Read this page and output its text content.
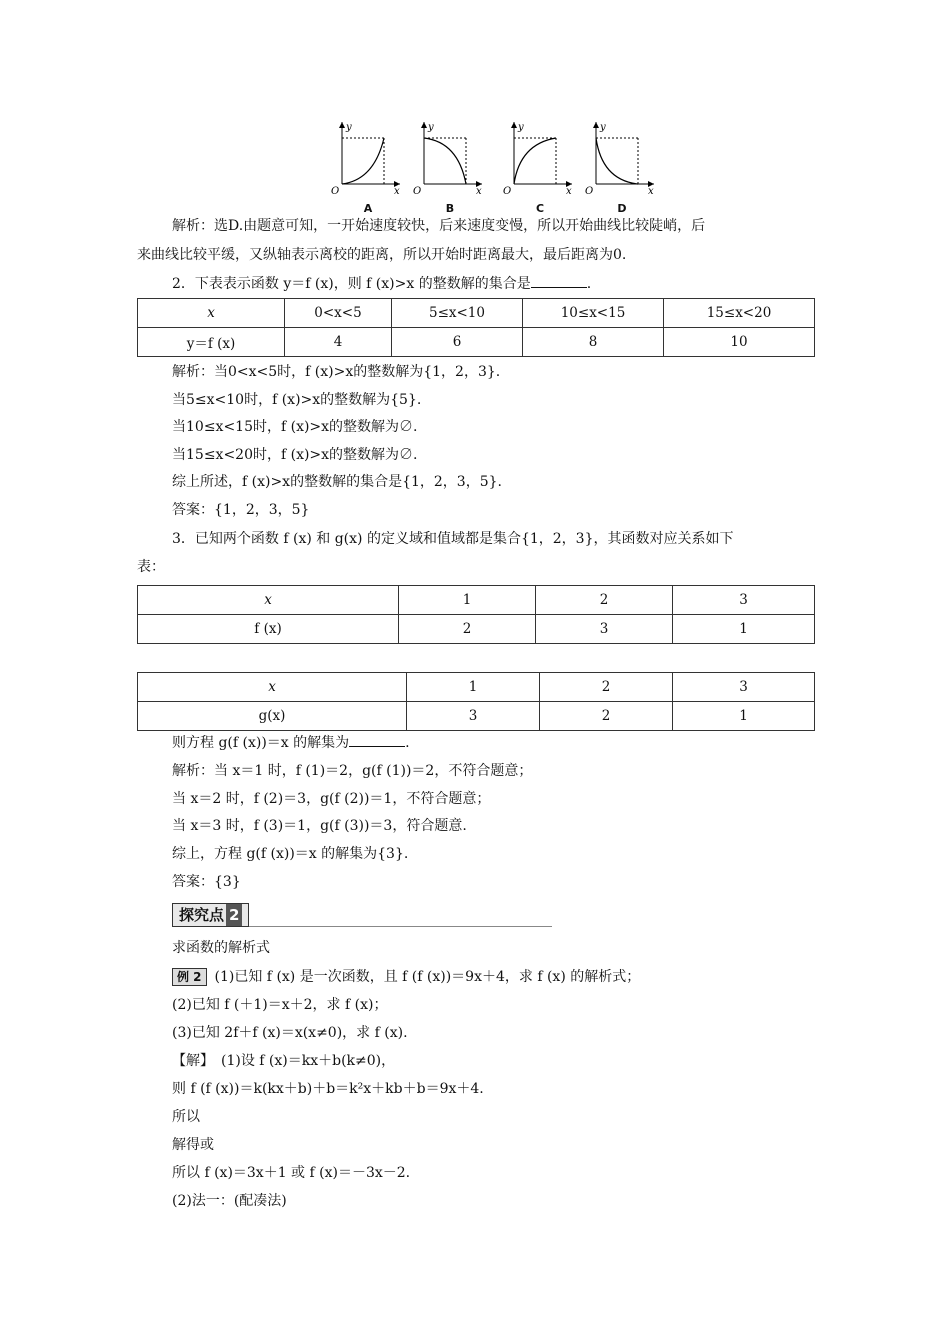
y
x
O
A
y
x
O
B
y
x
O
C
y
x
O
D
解析：选D.由题意可知，一开始速度较快，后来速度变慢，所以开始曲线比较陡峭，后
来曲线比较平缓，又纵轴表示离校的距离，所以开始时距离最大，最后距离为0.
2．下表表示函数 y＝f (x)，则 f (x)>x 的整数解的集合是	.
x	0<x<5	5≤x<10	10≤x<15	15≤x<20
y＝f (x)	4	6	8	10
解析：当0<x<5时，f (x)>x的整数解为{1，2，3}.
当5≤x<10时，f (x)>x的整数解为{5}.
当10≤x<15时，f (x)>x的整数解为∅.
当15≤x<20时，f (x)>x的整数解为∅.
综上所述，f (x)>x的整数解的集合是{1，2，3，5}.
答案：{1，2，3，5}
3．已知两个函数 f (x) 和 g(x) 的定义域和值域都是集合{1，2，3}，其函数对应关系如下
表：
x	1	2	3
f (x)	2	3	1
x	1	2	3
g(x)	3	2	1
则方程 g(f (x))＝x 的解集为	.
解析：当 x＝1 时，f (1)＝2，g(f (1))＝2，不符合题意；
当 x＝2 时，f (2)＝3，g(f (2))＝1，不符合题意；
当 x＝3 时，f (3)＝1，g(f (3))＝3，符合题意.
综上，方程 g(f (x))＝x 的解集为{3}.
答案：{3}
探究点 2
求函数的解析式
例 2 (1)已知 f (x) 是一次函数，且 f (f (x))＝9x＋4，求 f (x) 的解析式；
(2)已知 f (＋1)＝x＋2，求 f (x)；
(3)已知 2f＋f (x)＝x(x≠0)，求 f (x).
【解】　(1)设 f (x)＝kx＋b(k≠0)，
则 f (f (x))＝k(kx＋b)＋b＝k²x＋kb＋b＝9x＋4.
所以
解得或
所以 f (x)＝3x＋1 或 f (x)＝－3x－2.
(2)法一：(配凑法)
